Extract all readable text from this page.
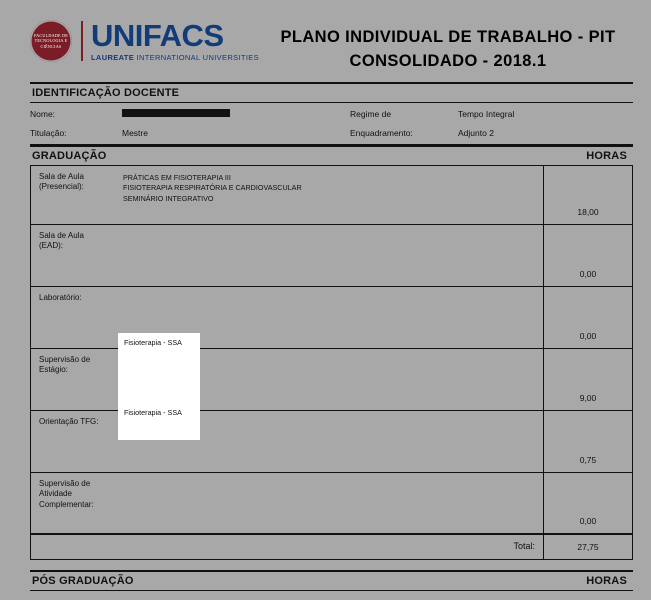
FACULDADE DE TECNOLOGIA E CIÊNCIAS UNIFACS
LAUREATE INTERNATIONAL UNIVERSITIES
PLANO INDIVIDUAL DE TRABALHO - PIT
CONSOLIDADO - 2018.1
IDENTIFICAÇÃO DOCENTE
Nome:
Titulação:	Mestre
Regime de	Tempo Integral
Enquadramento:	Adjunto 2
GRADUAÇÃO	HORAS
Sala de Aula
(Presencial):
PRÁTICAS EM FISIOTERAPIA III
FISIOTERAPIA RESPIRATÓRIA E CARDIOVASCULAR
SEMINÁRIO INTEGRATIVO
18,00
Sala de Aula
(EAD):
0,00
Laboratório:
0,00
Supervisão de
Estágio:
Fisioterapia - SSA
9,00
Orientação TFG:
Fisioterapia - SSA
0,75
Supervisão de
Atividade
Complementar:
0,00
Total:	27,75
PÓS GRADUAÇÃO	HORAS
